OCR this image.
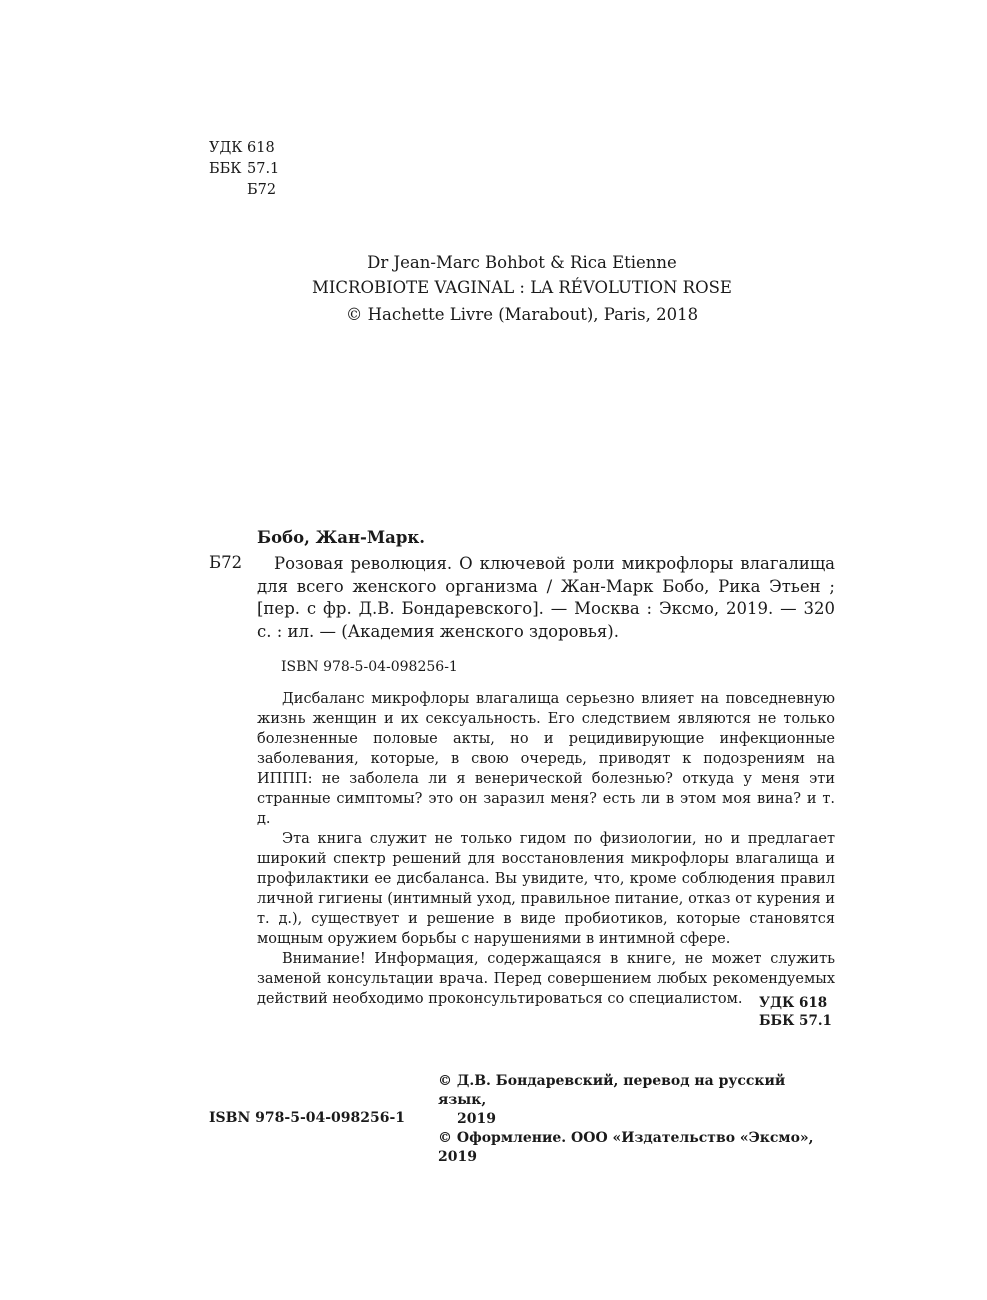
УДК 618
ББК 57.1
Б72
Dr Jean-Marc Bohbot & Rica Etienne
MICROBIOTE VAGINAL : LA RÉVOLUTION ROSE
© Hachette Livre (Marabout), Paris, 2018
Бобо, Жан-Марк.
Б72	Розовая революция. О ключевой роли микрофлоры влагалища для всего женского организма / Жан-Марк Бобо, Рика Этьен ; [пер. с фр. Д.В. Бондаревского]. — Москва : Эксмо, 2019. — 320 с. : ил. — (Академия женского здоровья).
ISBN 978-5-04-098256-1

Дисбаланс микрофлоры влагалища серьезно влияет на повседневную жизнь женщин и их сексуальность. Его следствием являются не только болезненные половые акты, но и рецидивирующие инфекционные заболевания, которые, в свою очередь, приводят к подозрениям на ИППП: не заболела ли я венерической болезнью? откуда у меня эти странные симптомы? это он заразил меня? есть ли в этом моя вина? и т. д.

Эта книга служит не только гидом по физиологии, но и предлагает широкий спектр решений для восстановления микрофлоры влагалища и профилактики ее дисбаланса. Вы увидите, что, кроме соблюдения правил личной гигиены (интимный уход, правильное питание, отказ от курения и т. д.), существует и решение в виде пробиотиков, которые становятся мощным оружием борьбы с нарушениями в интимной сфере.

Внимание! Информация, содержащаяся в книге, не может служить заменой консультации врача. Перед совершением любых рекомендуемых действий необходимо проконсультироваться со специалистом.	УДК 618
ББК 57.1
© Д.В. Бондаревский, перевод на русский язык,
2019
© Оформление. ООО «Издательство «Эксмо», 2019
ISBN 978-5-04-098256-1
